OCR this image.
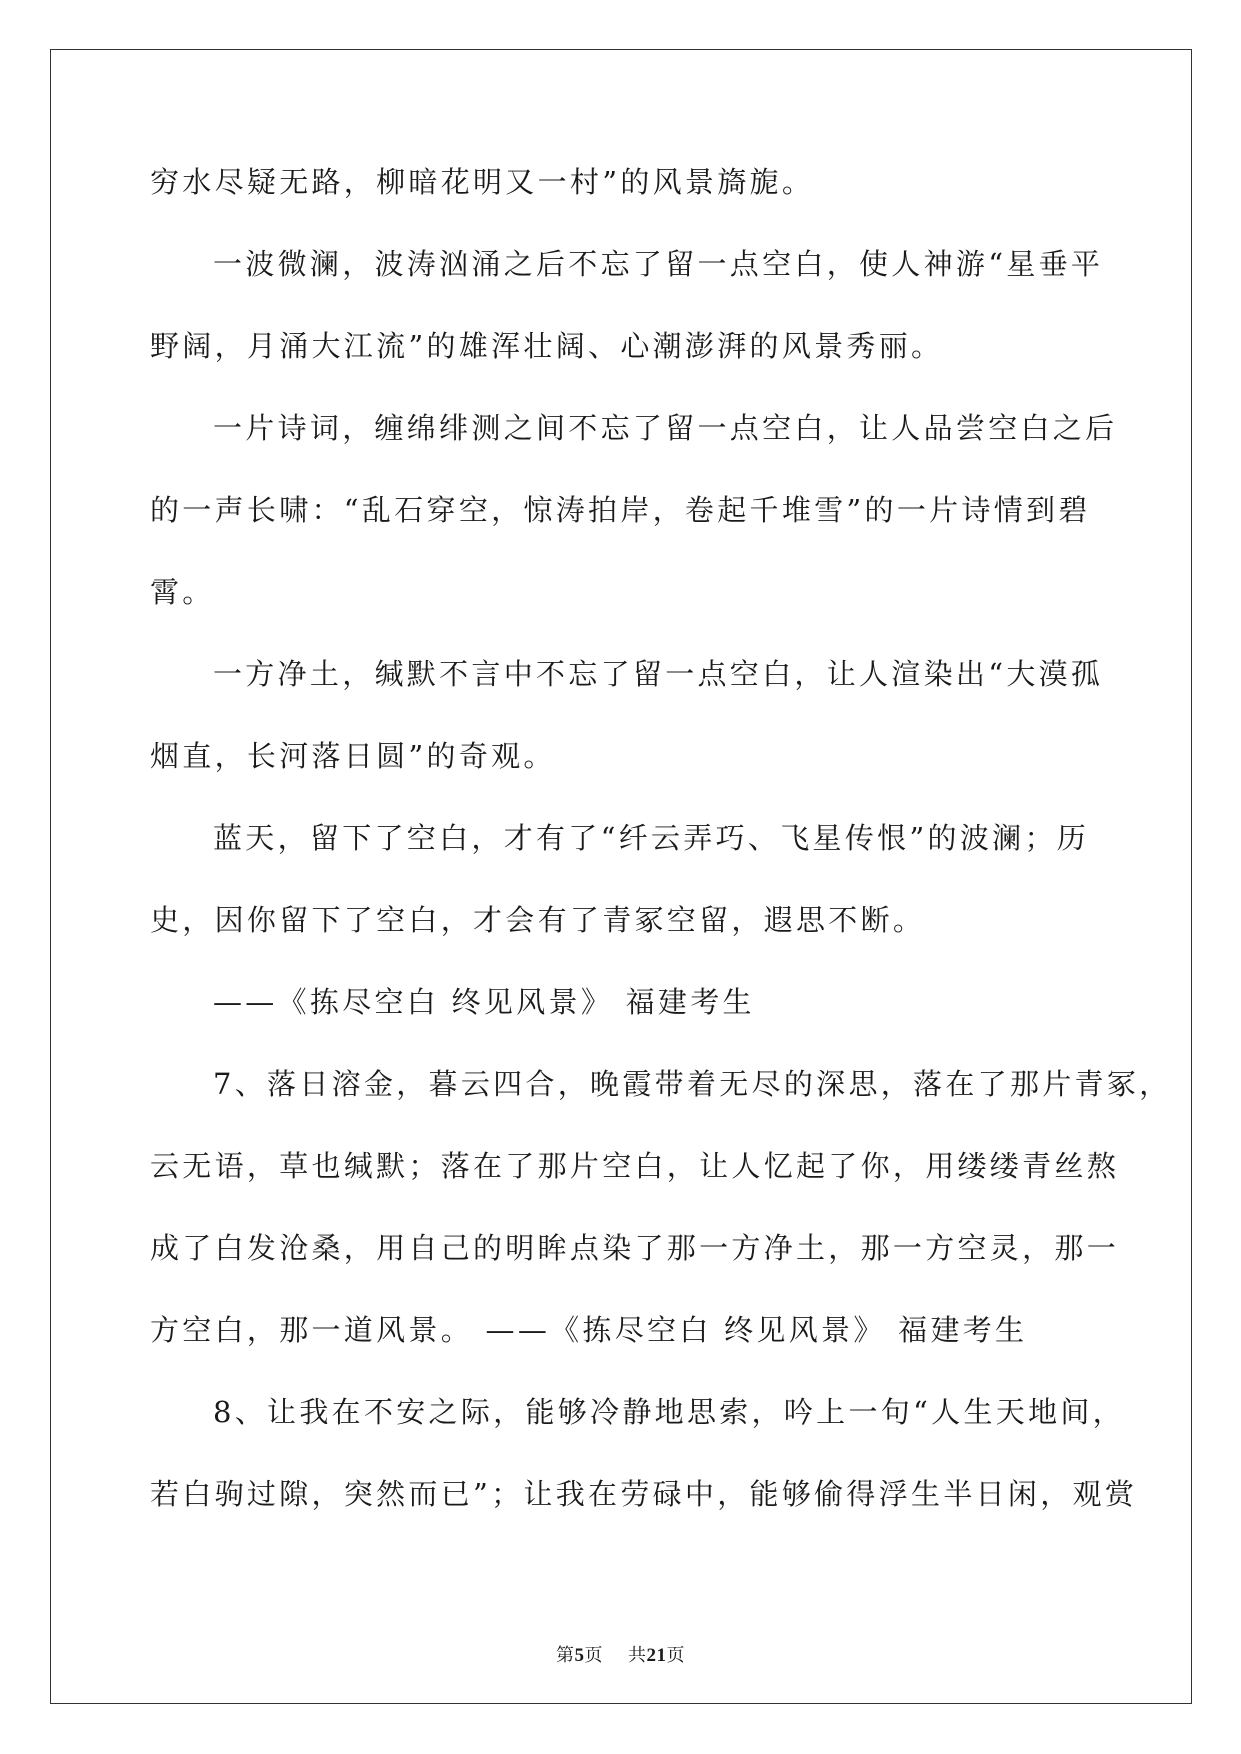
穷水尽疑无路，柳暗花明又一村”的风景旖旎。
一波微澜，波涛汹涌之后不忘了留一点空白，使人神游“星垂平
野阔，月涌大江流”的雄浑壮阔、心潮澎湃的风景秀丽。
一片诗词，缠绵绯测之间不忘了留一点空白，让人品尝空白之后
的一声长啸：“乱石穿空，惊涛拍岸，卷起千堆雪”的一片诗情到碧
霄。
一方净土，缄默不言中不忘了留一点空白，让人渲染出“大漠孤
烟直，长河落日圆”的奇观。
蓝天，留下了空白，才有了“纤云弄巧、飞星传恨”的波澜；历
史，因你留下了空白，才会有了青冢空留，遐思不断。
——《拣尽空白 终见风景》 福建考生
7、落日溶金，暮云四合，晚霞带着无尽的深思，落在了那片青冢，
云无语，草也缄默；落在了那片空白，让人忆起了你，用缕缕青丝熬
成了白发沧桑，用自己的明眸点染了那一方净土，那一方空灵，那一
方空白，那一道风景。 ——《拣尽空白 终见风景》 福建考生
8、让我在不安之际，能够冷静地思索，吟上一句“人生天地间，
若白驹过隙，突然而已”；让我在劳碌中，能够偷得浮生半日闲，观赏
第5页 共21页
